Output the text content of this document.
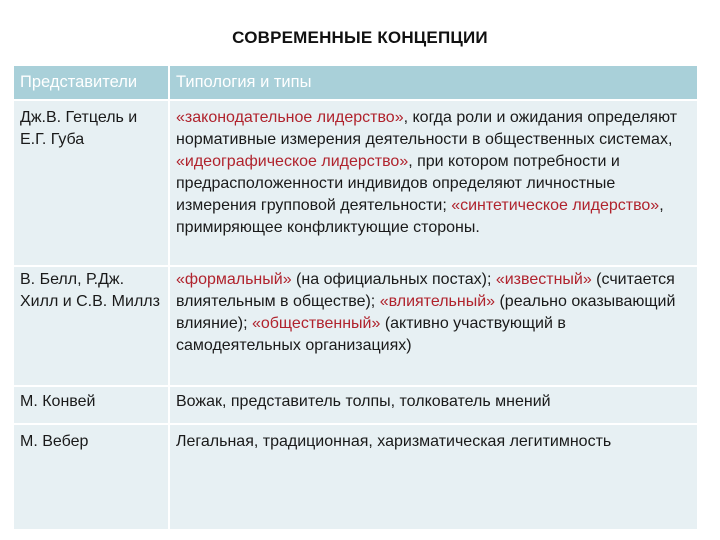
СОВРЕМЕННЫЕ КОНЦЕПЦИИ
Представители	Типология и типы
Дж.В. Гетцель и Е.Г. Губа	«законодательное лидерство», когда роли и ожидания определяют нормативные измерения деятельности в общественных системах, «идеографическое лидерство», при котором потребности и предрасположенности индивидов определяют личностные измерения групповой деятельности; «синтетическое лидерство», примиряющее конфликтующие стороны.
В. Белл, Р.Дж. Хилл и С.В. Миллз	«формальный» (на официальных постах); «известный» (считается влиятельным в обществе); «влиятельный» (реально оказывающий влияние); «общественный» (активно участвующий в самодеятельных организациях)
М. Конвей	Вожак, представитель толпы, толкователь мнений
М. Вебер	Легальная, традиционная, харизматическая легитимность
